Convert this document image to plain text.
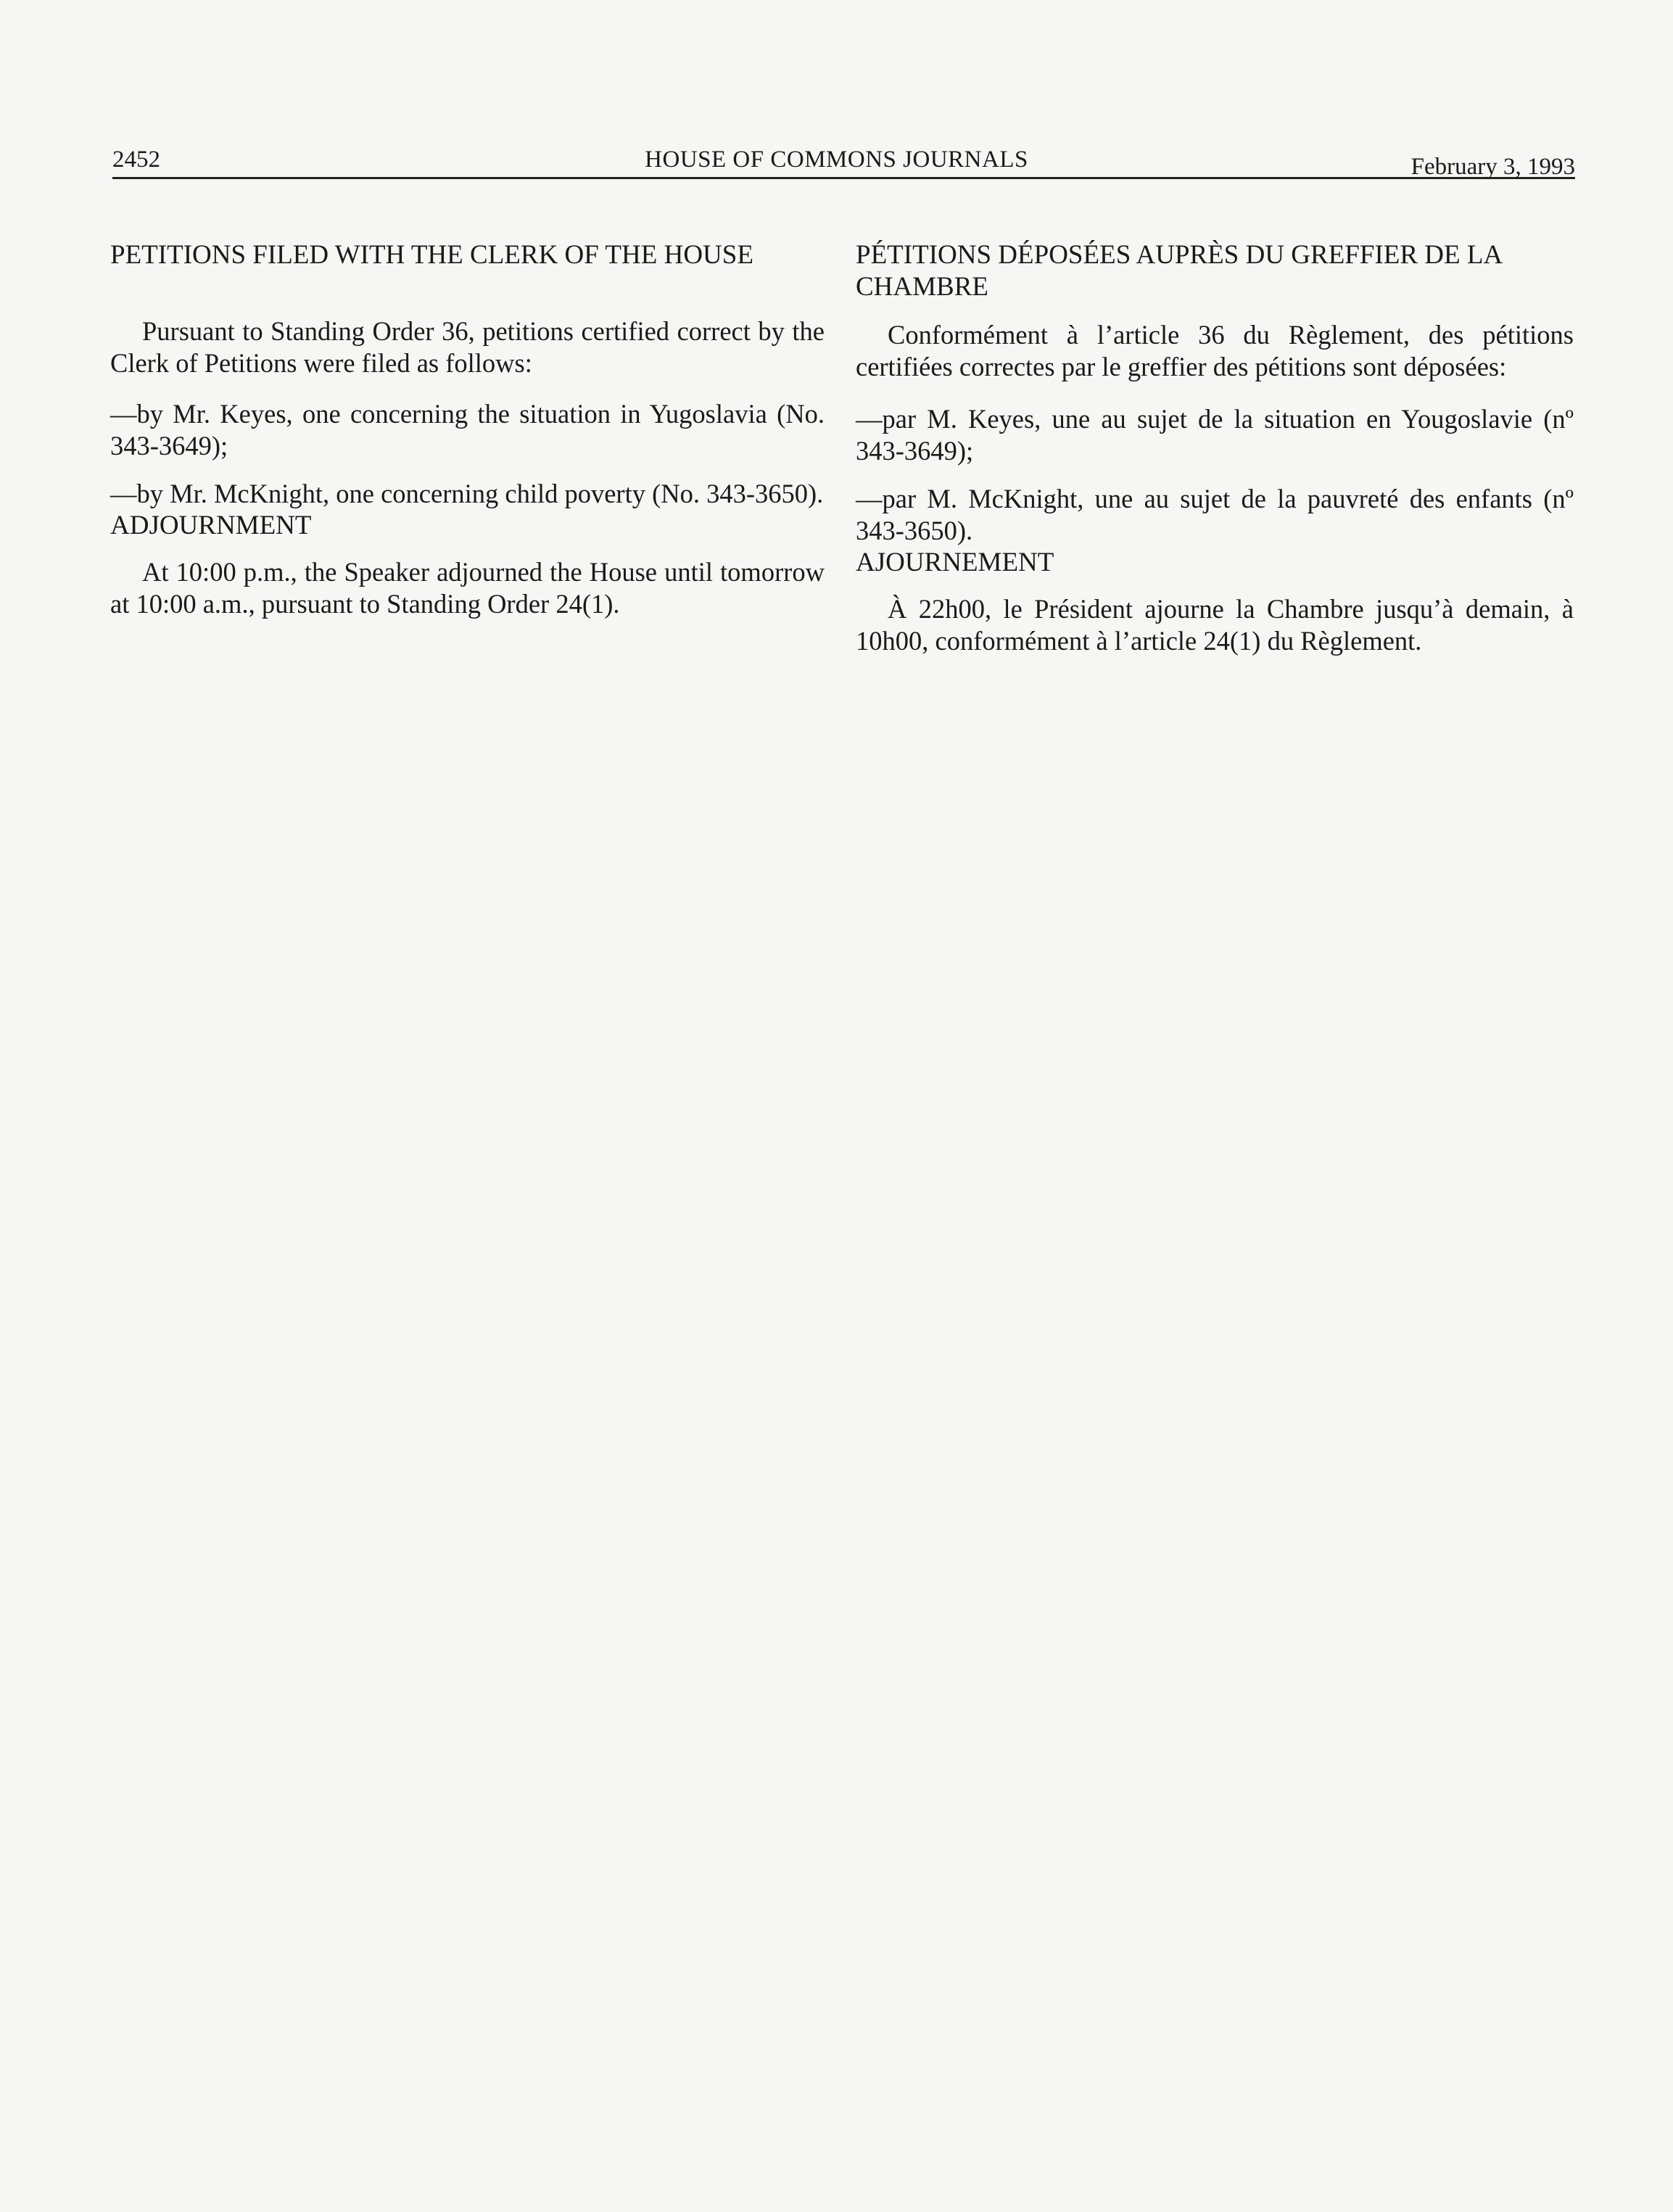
2452	HOUSE OF COMMONS JOURNALS	February 3, 1993
PETITIONS FILED WITH THE CLERK OF THE HOUSE

Pursuant to Standing Order 36, petitions certified correct by the Clerk of Petitions were filed as follows:

—by Mr. Keyes, one concerning the situation in Yugoslavia (No. 343-3649);

—by Mr. McKnight, one concerning child poverty (No. 343-3650).

ADJOURNMENT

At 10:00 p.m., the Speaker adjourned the House until tomorrow at 10:00 a.m., pursuant to Standing Order 24(1).

PÉTITIONS DÉPOSÉES AUPRÈS DU GREFFIER DE LA CHAMBRE

Conformément à l’article 36 du Règlement, des pétitions certifiées correctes par le greffier des pétitions sont déposées:

—par M. Keyes, une au sujet de la situation en Yougoslavie (nº 343-3649);

—par M. McKnight, une au sujet de la pauvreté des enfants (nº 343-3650).

AJOURNEMENT

À 22h00, le Président ajourne la Chambre jusqu’à demain, à 10h00, conformément à l’article 24(1) du Règlement.
